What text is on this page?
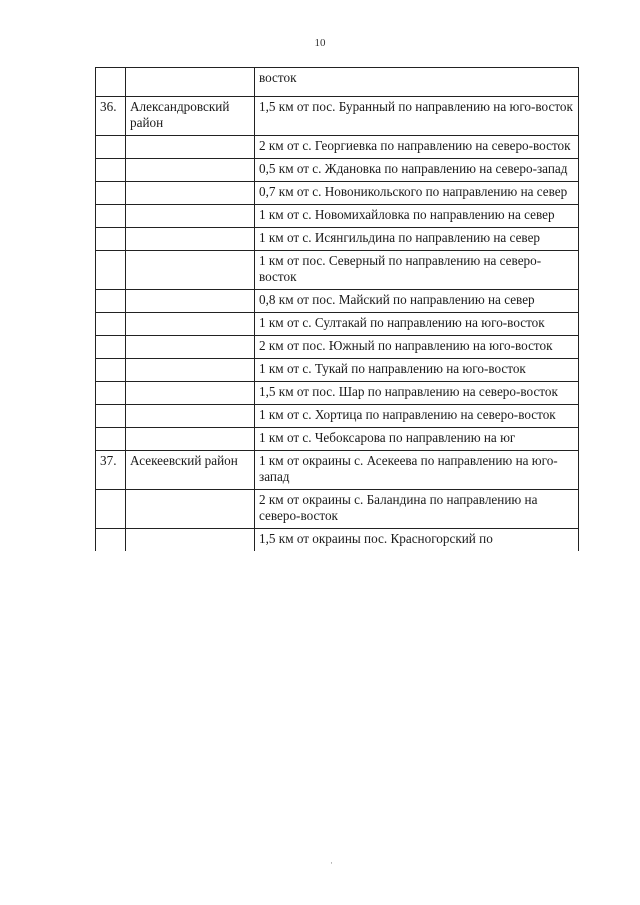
10
		восток
36.	Александровский район	1,5 км от пос. Буранный по направлению на юго-восток
		2 км от с. Георгиевка по направлению на северо-восток
		0,5 км от с. Ждановка по направлению на северо-запад
		0,7 км от с. Новоникольского по направлению на север
		1 км от с. Новомихайловка по направлению на север
		1 км от с. Исянгильдина по направлению на север
		1 км от пос. Северный по направлению на северо-восток
		0,8 км от пос. Майский по направлению на север
		1 км от с. Султакай по направлению на юго-восток
		2 км от пос. Южный по направлению на юго-восток
		1 км от с. Тукай по направлению на юго-восток
		1,5 км от пос. Шар по направлению на северо-восток
		1 км от с. Хортица по направлению на северо-восток
		1 км от с. Чебоксарова по направлению на юг
37.	Асекеевский район	1 км от окраины с. Асекеева по направлению на юго-запад
		2 км от окраины с. Баландина по направлению на северо-восток
		1,5 км от окраины пос. Красногорский по
·
